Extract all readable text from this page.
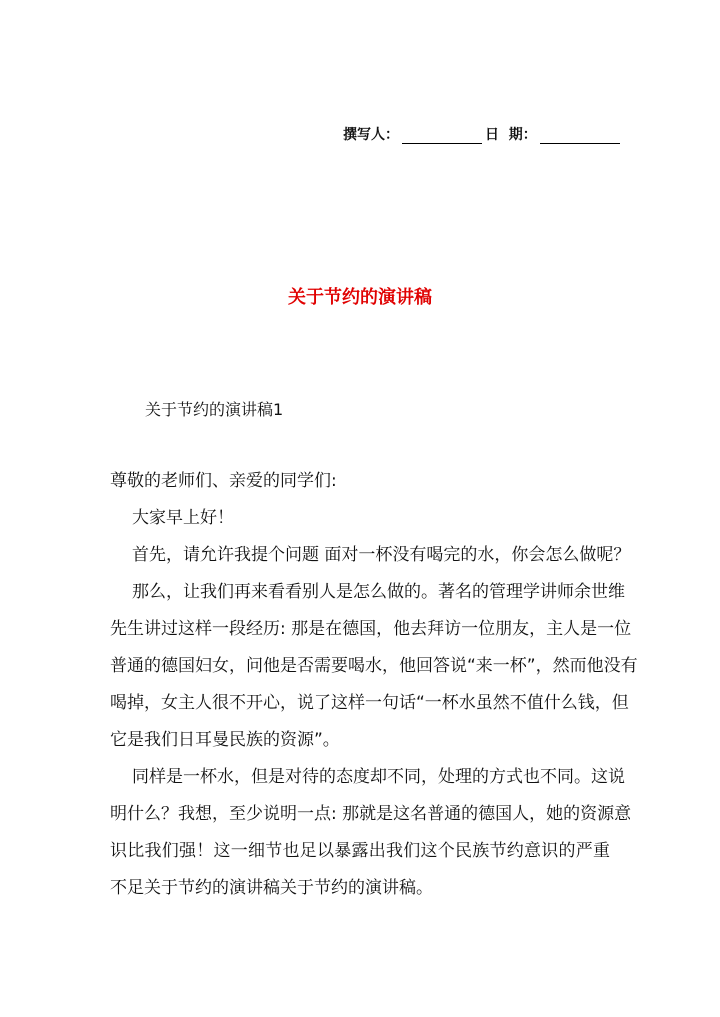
撰写人：	日  期：
关于节约的演讲稿
关于节约的演讲稿1
尊敬的老师们、亲爱的同学们:
大家早上好！
首先，请允许我提个问题 面对一杯没有喝完的水，你会怎么做呢？
那么，让我们再来看看别人是怎么做的。著名的管理学讲师余世维
先生讲过这样一段经历: 那是在德国，他去拜访一位朋友，主人是一位
普通的德国妇女，问他是否需要喝水，他回答说“来一杯”，然而他没有
喝掉，女主人很不开心，说了这样一句话“一杯水虽然不值什么钱，但
它是我们日耳曼民族的资源”。
同样是一杯水，但是对待的态度却不同，处理的方式也不同。这说
明什么？我想，至少说明一点: 那就是这名普通的德国人，她的资源意
识比我们强！这一细节也足以暴露出我们这个民族节约意识的严重
不足关于节约的演讲稿关于节约的演讲稿。
